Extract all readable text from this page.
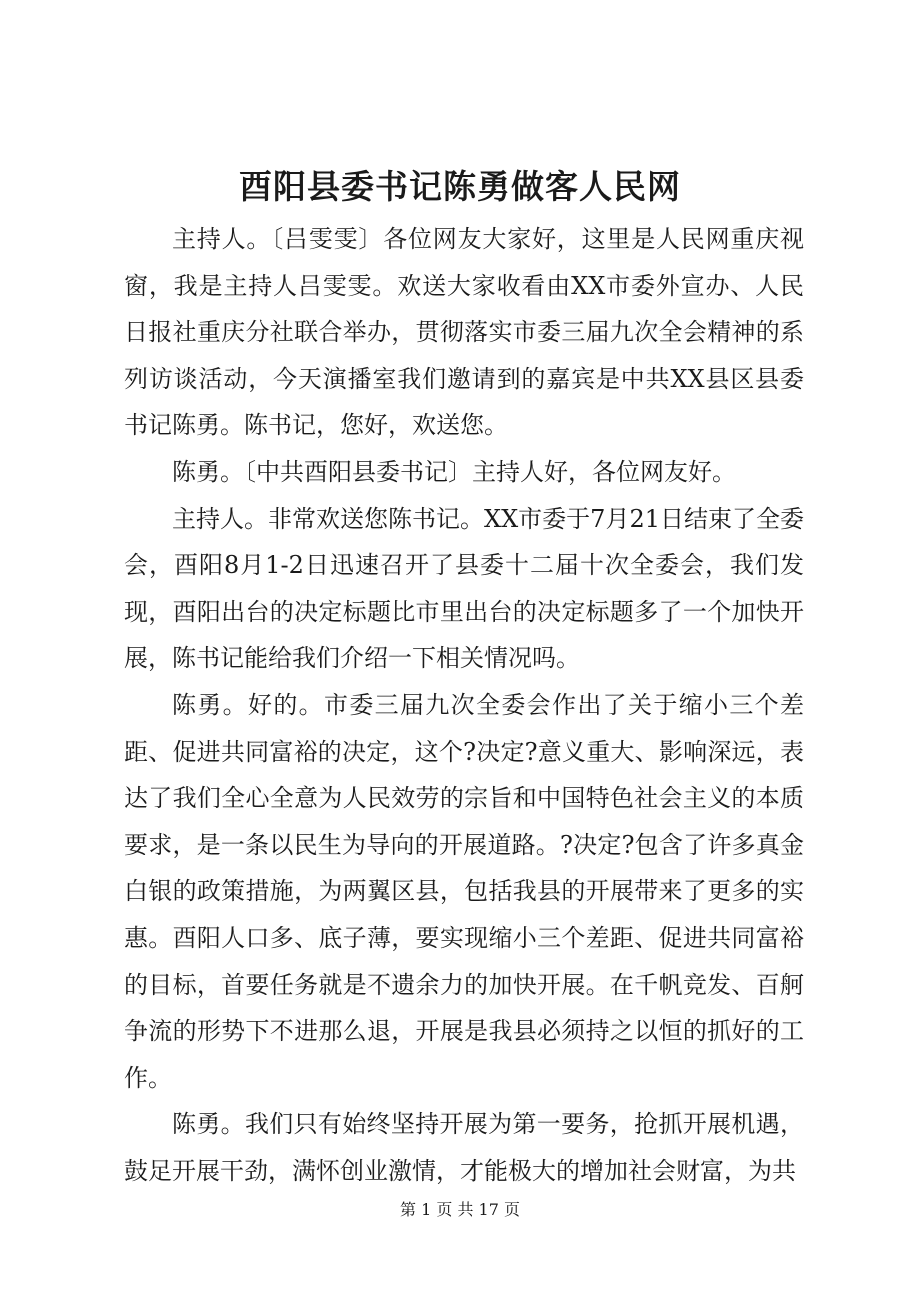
酉阳县委书记陈勇做客人民网

主持人。〔吕雯雯〕各位网友大家好，这里是人民网重庆视窗，我是主持人吕雯雯。欢送大家收看由XX市委外宣办、人民日报社重庆分社联合举办，贯彻落实市委三届九次全会精神的系列访谈活动，今天演播室我们邀请到的嘉宾是中共XX县区县委书记陈勇。陈书记，您好，欢送您。

陈勇。〔中共酉阳县委书记〕主持人好，各位网友好。

主持人。非常欢送您陈书记。XX市委于7月21日结束了全委会，酉阳8月1-2日迅速召开了县委十二届十次全委会，我们发现，酉阳出台的决定标题比市里出台的决定标题多了一个加快开展，陈书记能给我们介绍一下相关情况吗。

陈勇。好的。市委三届九次全委会作出了关于缩小三个差距、促进共同富裕的决定，这个?决定?意义重大、影响深远，表达了我们全心全意为人民效劳的宗旨和中国特色社会主义的本质要求，是一条以民生为导向的开展道路。?决定?包含了许多真金白银的政策措施，为两翼区县，包括我县的开展带来了更多的实惠。酉阳人口多、底子薄，要实现缩小三个差距、促进共同富裕的目标，首要任务就是不遗余力的加快开展。在千帆竞发、百舸争流的形势下不进那么退，开展是我县必须持之以恒的抓好的工作。

陈勇。我们只有始终坚持开展为第一要务，抢抓开展机遇，鼓足开展干劲，满怀创业激情，才能极大的增加社会财富，为共

第 1 页 共 17 页
